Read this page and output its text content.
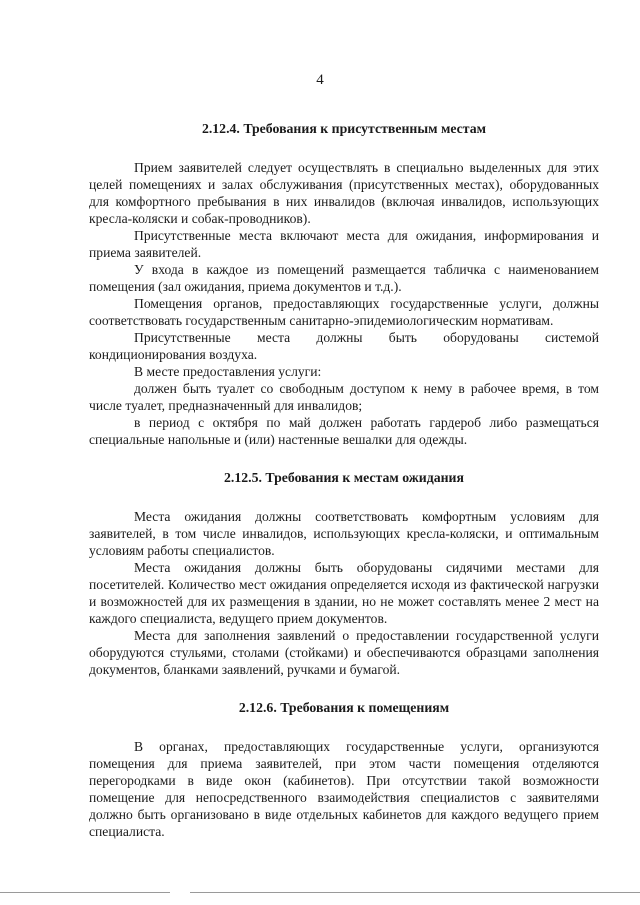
4
2.12.4. Требования к присутственным местам

Прием заявителей следует осуществлять в специально выделенных для этих целей помещениях и залах обслуживания (присутственных местах), оборудованных для комфортного пребывания в них инвалидов (включая инвалидов, использующих кресла-коляски и собак-проводников).

Присутственные места включают места для ожидания, информирования и приема заявителей.

У входа в каждое из помещений размещается табличка с наименованием помещения (зал ожидания, приема документов и т.д.).

Помещения органов, предоставляющих государственные услуги, должны соответствовать государственным санитарно-эпидемиологическим нормативам.

Присутственные места должны быть оборудованы системой кондиционирования воздуха.

В месте предоставления услуги:

должен быть туалет со свободным доступом к нему в рабочее время, в том числе туалет, предназначенный для инвалидов;

в период с октября по май должен работать гардероб либо размещаться специальные напольные и (или) настенные вешалки для одежды.

2.12.5. Требования к местам ожидания

Места ожидания должны соответствовать комфортным условиям для заявителей, в том числе инвалидов, использующих кресла-коляски, и оптимальным условиям работы специалистов.

Места ожидания должны быть оборудованы сидячими местами для посетителей. Количество мест ожидания определяется исходя из фактической нагрузки и возможностей для их размещения в здании, но не может составлять менее 2 мест на каждого специалиста, ведущего прием документов.

Места для заполнения заявлений о предоставлении государственной услуги оборудуются стульями, столами (стойками) и обеспечиваются образцами заполнения документов, бланками заявлений, ручками и бумагой.

2.12.6. Требования к помещениям

В органах, предоставляющих государственные услуги, организуются помещения для приема заявителей, при этом части помещения отделяются перегородками в виде окон (кабинетов). При отсутствии такой возможности помещение для непосредственного взаимодействия специалистов с заявителями должно быть организовано в виде отдельных кабинетов для каждого ведущего прием специалиста.
